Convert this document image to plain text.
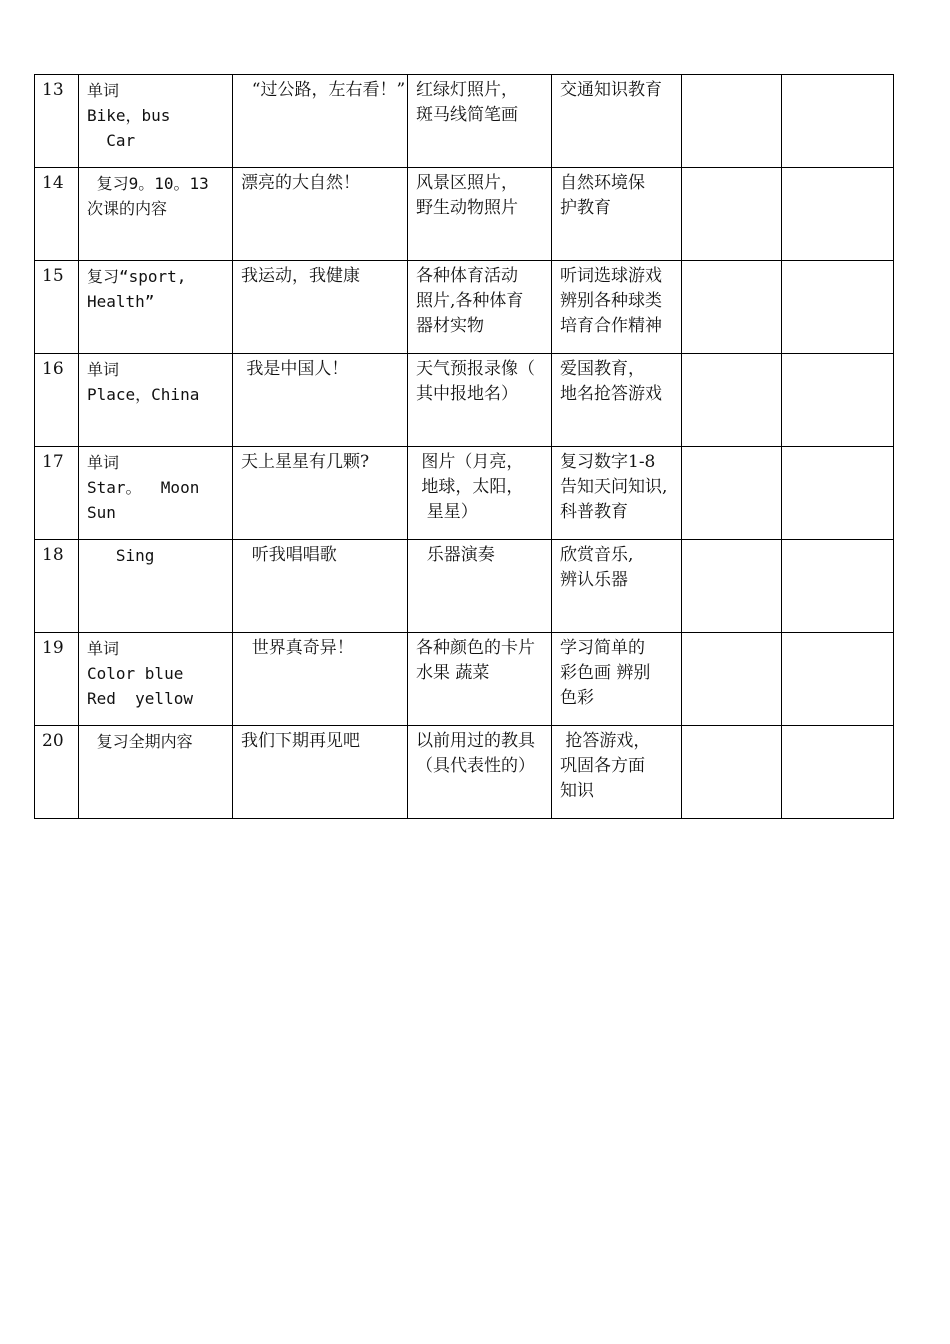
13	单词
Bike，bus
Car	“过公路，左右看！”	红绿灯照片，
斑马线简笔画	交通知识教育		

14	复习9。10。13
次课的内容	漂亮的大自然！	风景区照片，
野生动物照片	自然环境保
护教育		

15	复习“sport,
Health”	我运动，我健康	各种体育活动
照片,各种体育
器材实物	听词选球游戏
辨别各种球类
培育合作精神		

16	单词
Place，China	我是中国人！	天气预报录像（
其中报地名）	爱国教育，
地名抢答游戏		

17	单词
Star。  Moon
Sun	天上星星有几颗?	图片（月亮，
地球，太阳，
星星）	复习数字1-8
告知天问知识,
科普教育		

18	Sing	听我唱唱歌	乐器演奏	欣赏音乐,
辨认乐器		

19	单词
Color blue
Red  yellow	世界真奇异！	各种颜色的卡片
水果 蔬菜	学习简单的
彩色画 辨别
色彩		

20	复习全期内容	我们下期再见吧	以前用过的教具
（具代表性的）	抢答游戏，
巩固各方面
知识		
